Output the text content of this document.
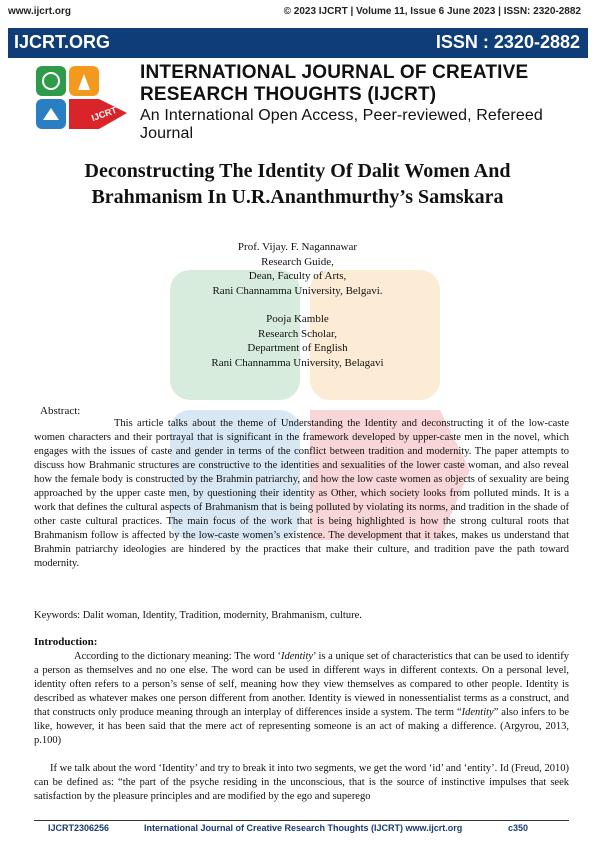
www.ijcrt.org	© 2023 IJCRT | Volume 11, Issue 6 June 2023 | ISSN: 2320-2882
IJCRT.ORG	ISSN : 2320-2882
IJCRT
INTERNATIONAL JOURNAL OF CREATIVE
RESEARCH THOUGHTS (IJCRT)
An International Open Access, Peer-reviewed, Refereed Journal
Deconstructing The Identity Of Dalit Women And
Brahmanism In U.R.Ananthmurthy’s Samskara
Prof. Vijay. F. Nagannawar
Research Guide,
Dean, Faculty of Arts,
Rani Channamma University, Belgavi.
Pooja Kamble
Research Scholar,
Department of English
Rani Channamma University, Belagavi
Abstract:
This article talks about the theme of Understanding the Identity and deconstructing it of the low-caste women characters and their portrayal that is significant in the framework developed by upper-caste men in the novel, which engages with the issues of caste and gender in terms of the conflict between tradition and modernity. The paper attempts to discuss how Brahmanic structures are constructive to the identities and sexualities of the lower caste woman, and also reveal how the female body is constructed by the Brahmin patriarchy, and how the low caste women as objects of sexuality are being approached by the upper caste men, by questioning their identity as Other, which society looks from polluted minds. It is a work that defines the cultural aspects of Brahmanism that is being polluted by violating its norms, and tradition in the shade of other caste cultural practices. The main focus of the work that is being highlighted is how the strong cultural roots that Brahmanism follow is affected by the low-caste women’s existence. The development that it takes, makes us understand that Brahmin patriarchy ideologies are hindered by the practices that make their culture, and tradition pave the path toward modernity.
Keywords: Dalit woman, Identity, Tradition, modernity, Brahmanism, culture.
Introduction:
According to the dictionary meaning: The word ‘Identity’ is a unique set of characteristics that can be used to identify a person as themselves and no one else. The word can be used in different ways in different contexts. On a personal level, identity often refers to a person’s sense of self, meaning how they view themselves as compared to other people. Identity is described as whatever makes one person different from another. Identity is viewed in nonessentialist terms as a construct, and that constructs only produce meaning through an interplay of differences inside a system. The term “Identity” also infers to be like, however, it has been said that the mere act of representing someone is an act of making a difference. (Argyrou, 2013, p.100)
If we talk about the word ‘Identity’ and try to break it into two segments, we get the word ‘id’ and ‘entity’. Id (Freud, 2010) can be defined as: “the part of the psyche residing in the unconscious, that is the source of instinctive impulses that seek satisfaction by the pleasure principles and are modified by the ego and superego
IJCRT2306256	International Journal of Creative Research Thoughts (IJCRT) www.ijcrt.org	c350
